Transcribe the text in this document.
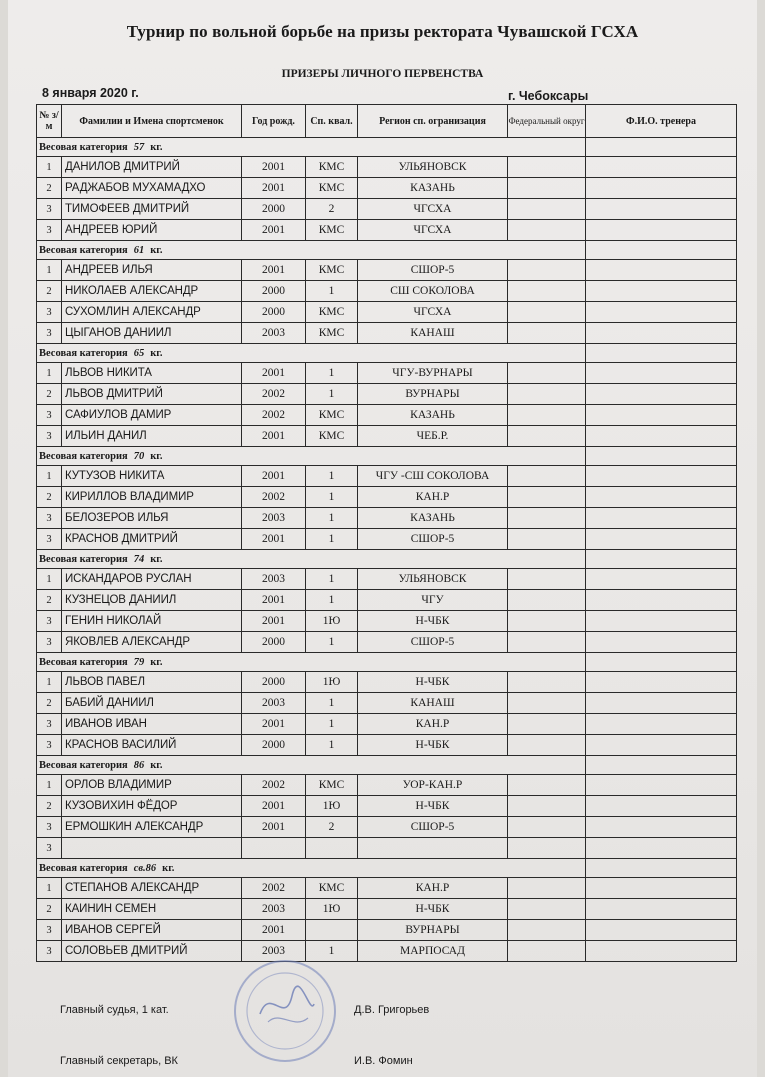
Турнир по вольной борьбе на призы ректората Чувашской ГСХА
ПРИЗЕРЫ ЛИЧНОГО ПЕРВЕНСТВА
8 января 2020 г.	г. Чебоксары
№ з/м	Фамилии и Имена спортсменок	Год рожд.	Сп. квал.	Регион сп. огранизация	Федеральный округ	Ф.И.О. тренера
Весовая категория 57 кг.						
1	ДАНИЛОВ ДМИТРИЙ	2001	КМС	УЛЬЯНОВСК		
2	РАДЖАБОВ МУХАМАДХО	2001	КМС	КАЗАНЬ		
3	ТИМОФЕЕВ ДМИТРИЙ	2000	2	ЧГСХА		
3	АНДРЕЕВ ЮРИЙ	2001	КМС	ЧГСХА		
Весовая категория 61 кг.						
1	АНДРЕЕВ ИЛЬЯ	2001	КМС	СШОР-5		
2	НИКОЛАЕВ АЛЕКСАНДР	2000	1	СШ СОКОЛОВА		
3	СУХОМЛИН АЛЕКСАНДР	2000	КМС	ЧГСХА		
3	ЦЫГАНОВ ДАНИИЛ	2003	КМС	КАНАШ		
Весовая категория 65 кг.						
1	ЛЬВОВ НИКИТА	2001	1	ЧГУ-ВУРНАРЫ		
2	ЛЬВОВ ДМИТРИЙ	2002	1	ВУРНАРЫ		
3	САФИУЛОВ ДАМИР	2002	КМС	КАЗАНЬ		
3	ИЛЬИН ДАНИЛ	2001	КМС	ЧЕБ.Р.		
Весовая категория 70 кг.						
1	КУТУЗОВ НИКИТА	2001	1	ЧГУ -СШ СОКОЛОВА		
2	КИРИЛЛОВ ВЛАДИМИР	2002	1	КАН.Р		
3	БЕЛОЗЕРОВ ИЛЬЯ	2003	1	КАЗАНЬ		
3	КРАСНОВ ДМИТРИЙ	2001	1	СШОР-5		
Весовая категория 74 кг.						
1	ИСКАНДАРОВ РУСЛАН	2003	1	УЛЬЯНОВСК		
2	КУЗНЕЦОВ ДАНИИЛ	2001	1	ЧГУ		
3	ГЕНИН НИКОЛАЙ	2001	1Ю	Н-ЧБК		
3	ЯКОВЛЕВ АЛЕКСАНДР	2000	1	СШОР-5		
Весовая категория 79 кг.						
1	ЛЬВОВ ПАВЕЛ	2000	1Ю	Н-ЧБК		
2	БАБИЙ ДАНИИЛ	2003	1	КАНАШ		
3	ИВАНОВ ИВАН	2001	1	КАН.Р		
3	КРАСНОВ ВАСИЛИЙ	2000	1	Н-ЧБК		
Весовая категория 86 кг.						
1	ОРЛОВ ВЛАДИМИР	2002	КМС	УОР-КАН.Р		
2	КУЗОВИХИН ФЁДОР	2001	1Ю	Н-ЧБК		
3	ЕРМОШКИН АЛЕКСАНДР	2001	2	СШОР-5		
3						
Весовая категория св.86 кг.						
1	СТЕПАНОВ АЛЕКСАНДР	2002	КМС	КАН.Р		
2	КАИНИН СЕМЕН	2003	1Ю	Н-ЧБК		
3	ИВАНОВ СЕРГЕЙ	2001		ВУРНАРЫ		
3	СОЛОВЬЕВ ДМИТРИЙ	2003	1	МАРПОСАД		
Главный судья, 1 кат.	Д.В. Григорьев
Главный секретарь, ВК	И.В. Фомин
